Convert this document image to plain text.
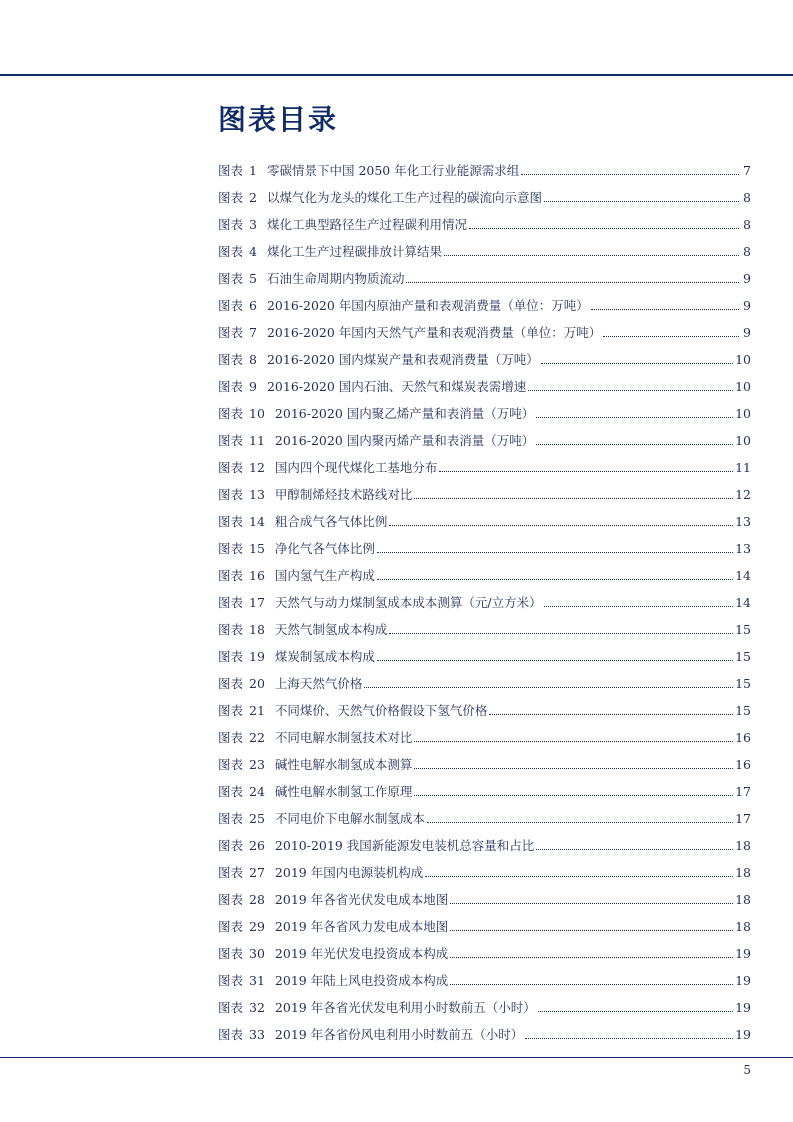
图表目录
图表 1 零碳情景下中国 2050 年化工行业能源需求组	7
图表 2 以煤气化为龙头的煤化工生产过程的碳流向示意图	8
图表 3 煤化工典型路径生产过程碳利用情况	8
图表 4 煤化工生产过程碳排放计算结果	8
图表 5 石油生命周期内物质流动	9
图表 6 2016-2020 年国内原油产量和表观消费量（单位：万吨）	9
图表 7 2016-2020 年国内天然气产量和表观消费量（单位：万吨）	9
图表 8 2016-2020 国内煤炭产量和表观消费量（万吨）	10
图表 9 2016-2020 国内石油、天然气和煤炭表需增速	10
图表 10 2016-2020 国内聚乙烯产量和表消量（万吨）	10
图表 11 2016-2020 国内聚丙烯产量和表消量（万吨）	10
图表 12 国内四个现代煤化工基地分布	11
图表 13 甲醇制烯烃技术路线对比	12
图表 14 粗合成气各气体比例	13
图表 15 净化气各气体比例	13
图表 16 国内氢气生产构成	14
图表 17 天然气与动力煤制氢成本成本测算（元/立方米）	14
图表 18 天然气制氢成本构成	15
图表 19 煤炭制氢成本构成	15
图表 20 上海天然气价格	15
图表 21 不同煤价、天然气价格假设下氢气价格	15
图表 22 不同电解水制氢技术对比	16
图表 23 碱性电解水制氢成本测算	16
图表 24 碱性电解水制氢工作原理	17
图表 25 不同电价下电解水制氢成本	17
图表 26 2010-2019 我国新能源发电装机总容量和占比	18
图表 27 2019 年国内电源装机构成	18
图表 28 2019 年各省光伏发电成本地图	18
图表 29 2019 年各省风力发电成本地图	18
图表 30 2019 年光伏发电投资成本构成	19
图表 31 2019 年陆上风电投资成本构成	19
图表 32 2019 年各省光伏发电利用小时数前五（小时）	19
图表 33 2019 年各省份风电利用小时数前五（小时）	19
5
